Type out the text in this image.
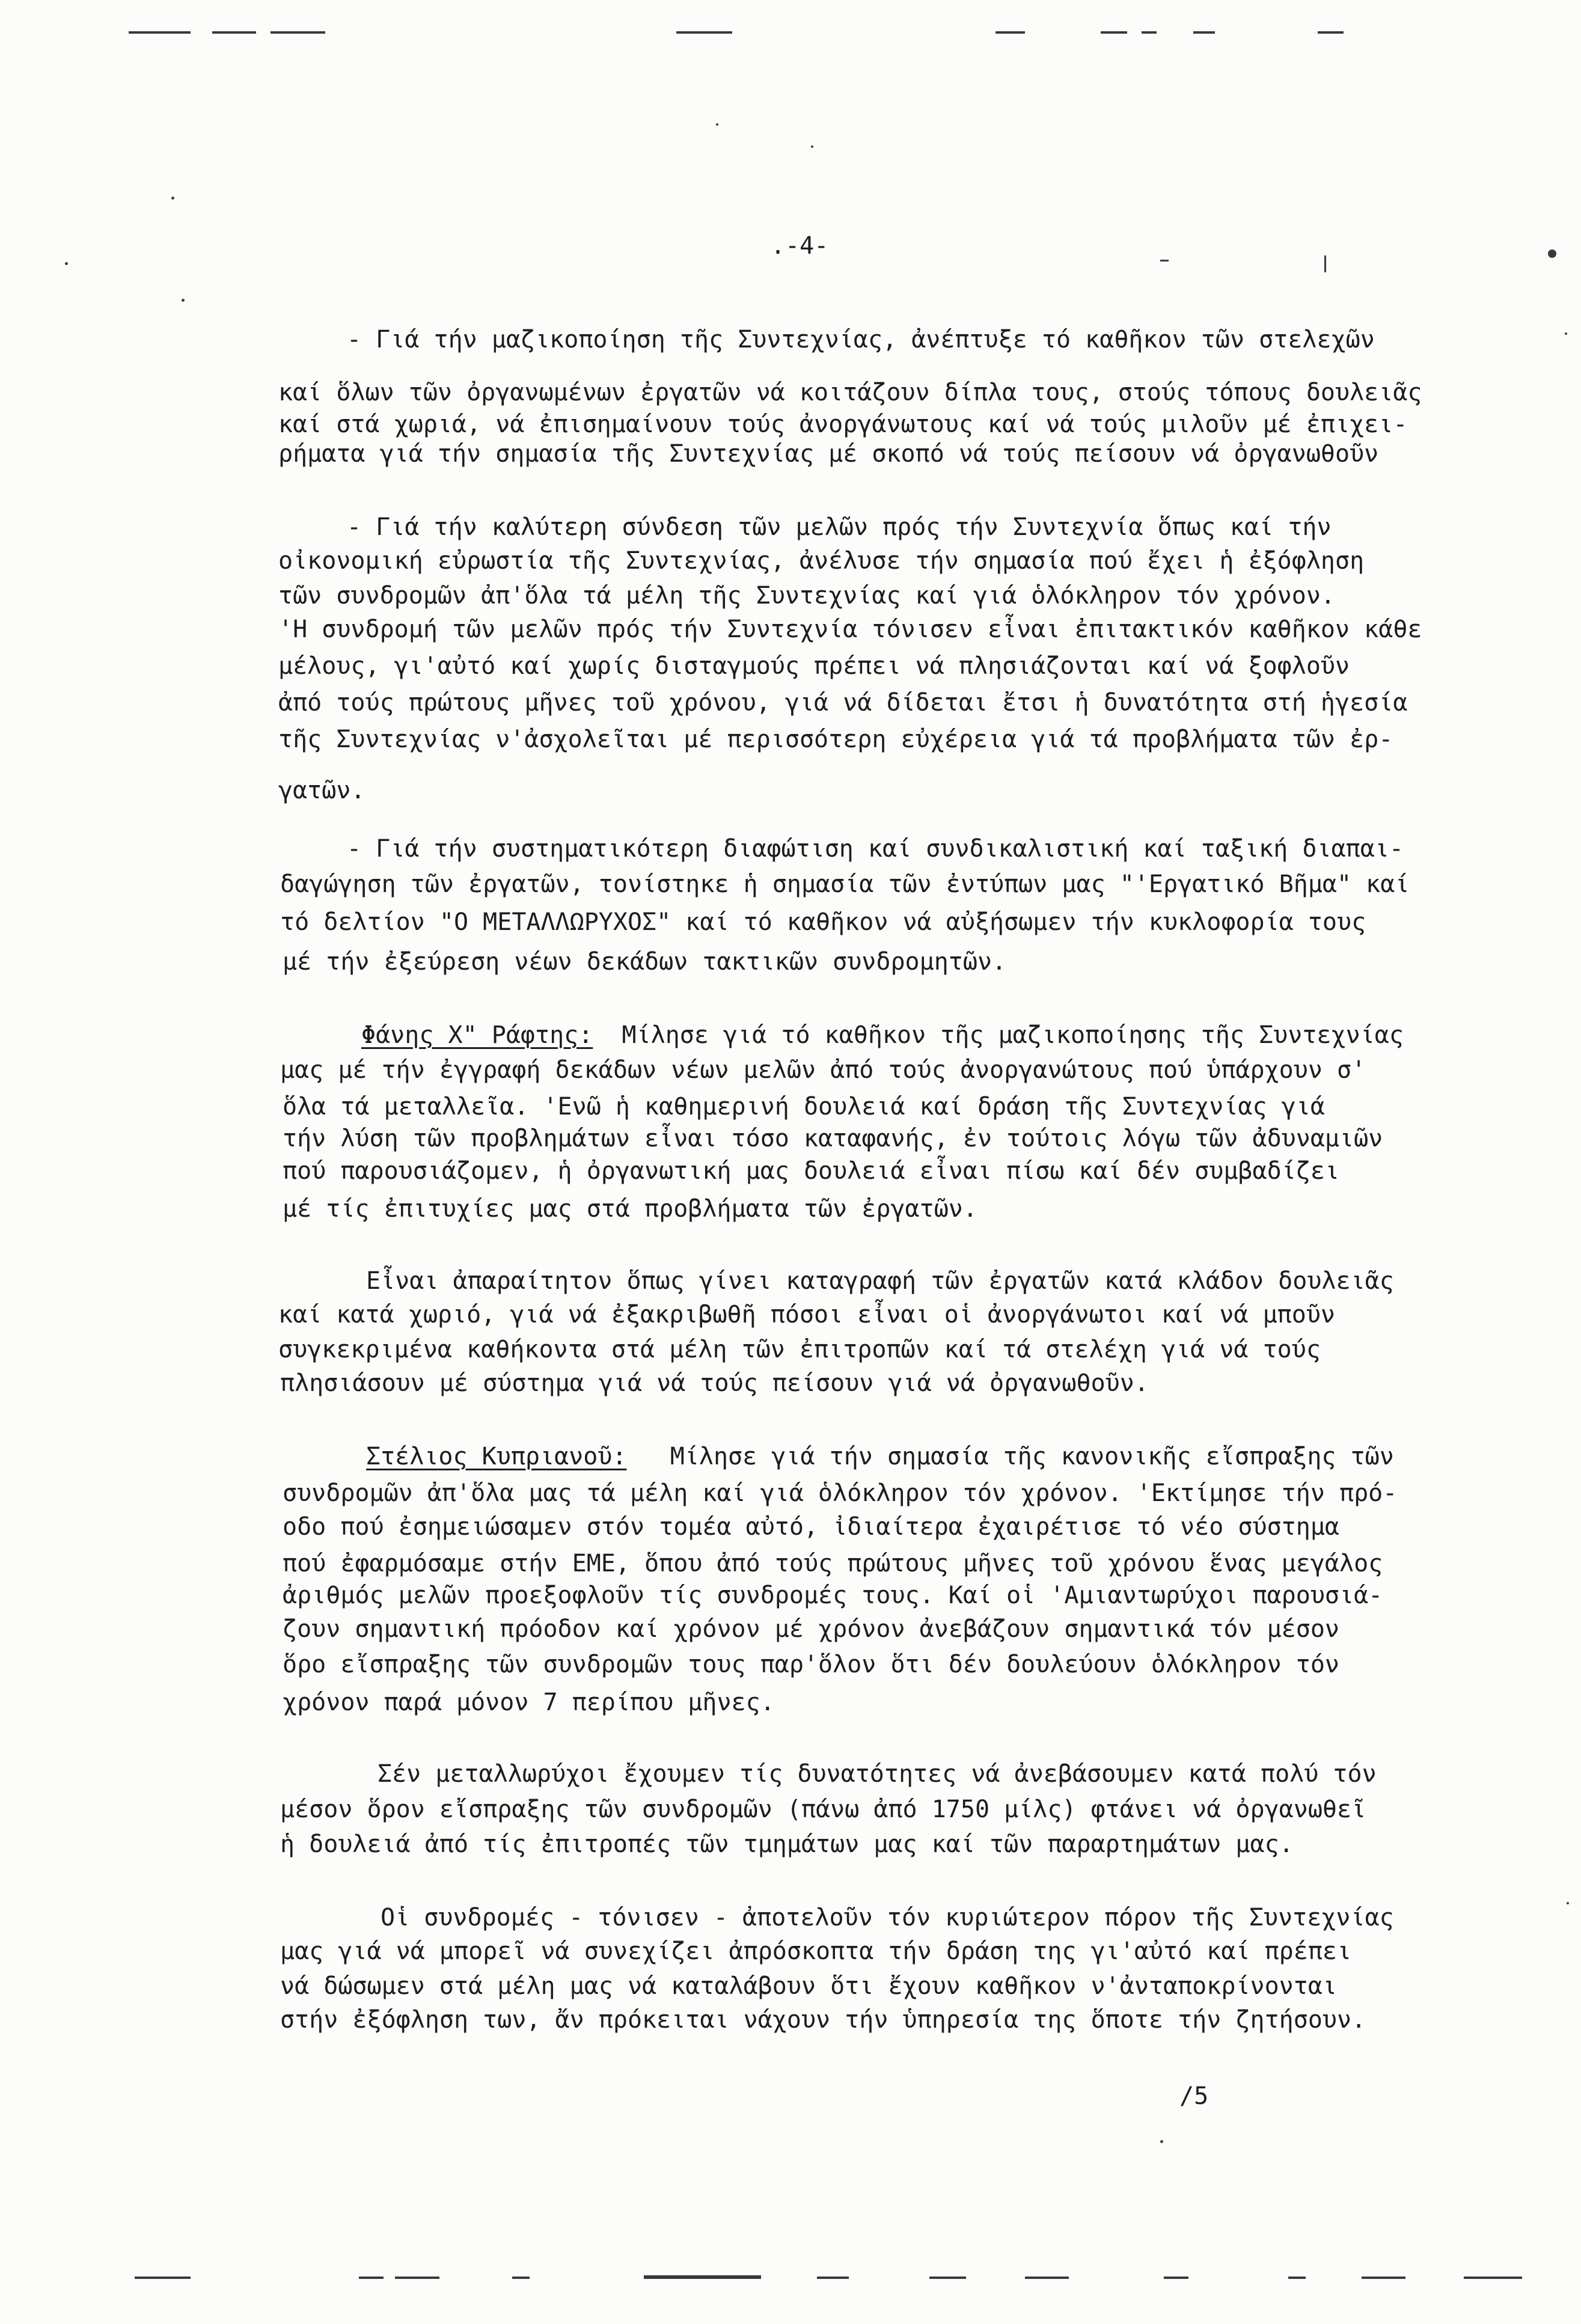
.-4-
- Γιά τήν μαζικοποίηση τῆς Συντεχνίας, ἀνέπτυξε τό καθῆκον τῶν στελεχῶν
καί ὅλων τῶν ὀργανωμένων ἐργατῶν νά κοιτάζουν δίπλα τους, στούς τόπους δουλειᾶς
καί στά χωριά, νά ἐπισημαίνουν τούς ἀνοργάνωτους καί νά τούς μιλοῦν μέ ἐπιχει-
ρήματα γιά τήν σημασία τῆς Συντεχνίας μέ σκοπό νά τούς πείσουν νά ὀργανωθοῦν
- Γιά τήν καλύτερη σύνδεση τῶν μελῶν πρός τήν Συντεχνία ὅπως καί τήν
οἰκονομική εὐρωστία τῆς Συντεχνίας, ἀνέλυσε τήν σημασία πού ἔχει ἡ ἐξόφληση
τῶν συνδρομῶν ἀπ'ὅλα τά μέλη τῆς Συντεχνίας καί γιά ὁλόκληρον τόν χρόνον.
'Η συνδρομή τῶν μελῶν πρός τήν Συντεχνία τόνισεν εἶναι ἐπιτακτικόν καθῆκον κάθε
μέλους, γι'αὐτό καί χωρίς δισταγμούς πρέπει νά πλησιάζονται καί νά ξοφλοῦν
ἀπό τούς πρώτους μῆνες τοῦ χρόνου, γιά νά δίδεται ἔτσι ἡ δυνατότητα στή ἡγεσία
τῆς Συντεχνίας ν'ἀσχολεῖται μέ περισσότερη εὐχέρεια γιά τά προβλήματα τῶν ἐρ-
γατῶν.
- Γιά τήν συστηματικότερη διαφώτιση καί συνδικαλιστική καί ταξική διαπαι-
δαγώγηση τῶν ἐργατῶν, τονίστηκε ἡ σημασία τῶν ἐντύπων μας "'Εργατικό Βῆμα" καί
τό δελτίον "Ο ΜΕΤΑΛΛΩΡΥΧΟΣ" καί τό καθῆκον νά αὐξήσωμεν τήν κυκλοφορία τους
μέ τήν ἐξεύρεση νέων δεκάδων τακτικῶν συνδρομητῶν.
Φάνης Χ" Ράφτης: Μίλησε γιά τό καθῆκον τῆς μαζικοποίησης τῆς Συντεχνίας
μας μέ τήν ἐγγραφή δεκάδων νέων μελῶν ἀπό τούς ἀνοργανώτους πού ὑπάρχουν σ'
ὅλα τά μεταλλεῖα. 'Ενῶ ἡ καθημερινή δουλειά καί δράση τῆς Συντεχνίας γιά
τήν λύση τῶν προβλημάτων εἶναι τόσο καταφανής, ἐν τούτοις λόγω τῶν ἀδυναμιῶν
πού παρουσιάζομεν, ἡ ὀργανωτική μας δουλειά εἶναι πίσω καί δέν συμβαδίζει
μέ τίς ἐπιτυχίες μας στά προβλήματα τῶν ἐργατῶν.
Εἶναι ἀπαραίτητον ὅπως γίνει καταγραφή τῶν ἐργατῶν κατά κλάδον δουλειᾶς
καί κατά χωριό, γιά νά ἐξακριβωθῆ πόσοι εἶναι οἱ ἀνοργάνωτοι καί νά μποῦν
συγκεκριμένα καθήκοντα στά μέλη τῶν ἐπιτροπῶν καί τά στελέχη γιά νά τούς
πλησιάσουν μέ σύστημα γιά νά τούς πείσουν γιά νά ὀργανωθοῦν.
Στέλιος Κυπριανοῦ: Μίλησε γιά τήν σημασία τῆς κανονικῆς εἴσπραξης τῶν
συνδρομῶν ἀπ'ὅλα μας τά μέλη καί γιά ὁλόκληρον τόν χρόνον. 'Εκτίμησε τήν πρό-
οδο πού ἐσημειώσαμεν στόν τομέα αὐτό, ἰδιαίτερα ἐχαιρέτισε τό νέο σύστημα
πού ἐφαρμόσαμε στήν ΕΜΕ, ὅπου ἀπό τούς πρώτους μῆνες τοῦ χρόνου ἕνας μεγάλος
ἀριθμός μελῶν προεξοφλοῦν τίς συνδρομές τους. Καί οἱ 'Αμιαντωρύχοι παρουσιά-
ζουν σημαντική πρόοδον καί χρόνον μέ χρόνον ἀνεβάζουν σημαντικά τόν μέσον
ὅρο εἴσπραξης τῶν συνδρομῶν τους παρ'ὅλον ὅτι δέν δουλεύουν ὁλόκληρον τόν
χρόνον παρά μόνον 7 περίπου μῆνες.
Σέν μεταλλωρύχοι ἔχουμεν τίς δυνατότητες νά ἀνεβάσουμεν κατά πολύ τόν
μέσον ὅρον εἴσπραξης τῶν συνδρομῶν (πάνω ἀπό 1750 μίλς) φτάνει νά ὀργανωθεῖ
ἡ δουλειά ἀπό τίς ἐπιτροπές τῶν τμημάτων μας καί τῶν παραρτημάτων μας.
Οἱ συνδρομές - τόνισεν - ἀποτελοῦν τόν κυριώτερον πόρον τῆς Συντεχνίας
μας γιά νά μπορεῖ νά συνεχίζει ἀπρόσκοπτα τήν δράση της γι'αὐτό καί πρέπει
νά δώσωμεν στά μέλη μας νά καταλάβουν ὅτι ἔχουν καθῆκον ν'ἀνταποκρίνονται
στήν ἐξόφληση των, ἄν πρόκειται νάχουν τήν ὑπηρεσία της ὅποτε τήν ζητήσουν.
/5
